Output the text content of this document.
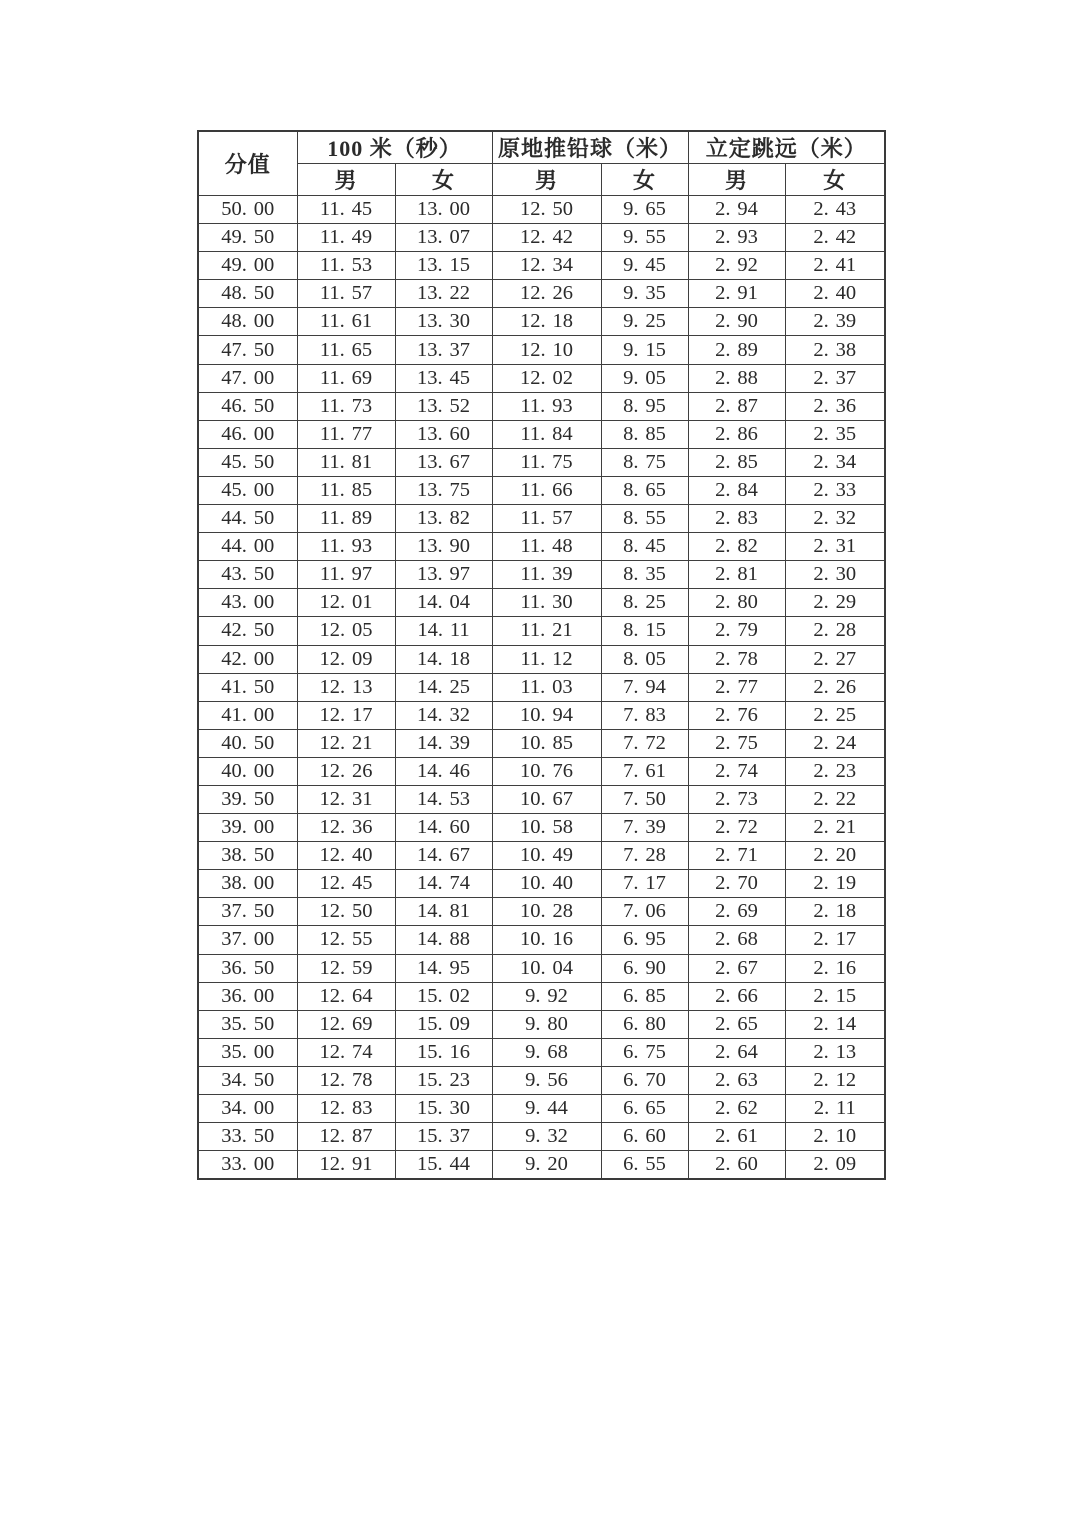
分值	100 米（秒）		原地推铅球（米）		立定跳远（米）	
	男	女	男	女	男	女
50. 00	11. 45	13. 00	12. 50	9. 65	2. 94	2. 43
49. 50	11. 49	13. 07	12. 42	9. 55	2. 93	2. 42
49. 00	11. 53	13. 15	12. 34	9. 45	2. 92	2. 41
48. 50	11. 57	13. 22	12. 26	9. 35	2. 91	2. 40
48. 00	11. 61	13. 30	12. 18	9. 25	2. 90	2. 39
47. 50	11. 65	13. 37	12. 10	9. 15	2. 89	2. 38
47. 00	11. 69	13. 45	12. 02	9. 05	2. 88	2. 37
46. 50	11. 73	13. 52	11. 93	8. 95	2. 87	2. 36
46. 00	11. 77	13. 60	11. 84	8. 85	2. 86	2. 35
45. 50	11. 81	13. 67	11. 75	8. 75	2. 85	2. 34
45. 00	11. 85	13. 75	11. 66	8. 65	2. 84	2. 33
44. 50	11. 89	13. 82	11. 57	8. 55	2. 83	2. 32
44. 00	11. 93	13. 90	11. 48	8. 45	2. 82	2. 31
43. 50	11. 97	13. 97	11. 39	8. 35	2. 81	2. 30
43. 00	12. 01	14. 04	11. 30	8. 25	2. 80	2. 29
42. 50	12. 05	14. 11	11. 21	8. 15	2. 79	2. 28
42. 00	12. 09	14. 18	11. 12	8. 05	2. 78	2. 27
41. 50	12. 13	14. 25	11. 03	7. 94	2. 77	2. 26
41. 00	12. 17	14. 32	10. 94	7. 83	2. 76	2. 25
40. 50	12. 21	14. 39	10. 85	7. 72	2. 75	2. 24
40. 00	12. 26	14. 46	10. 76	7. 61	2. 74	2. 23
39. 50	12. 31	14. 53	10. 67	7. 50	2. 73	2. 22
39. 00	12. 36	14. 60	10. 58	7. 39	2. 72	2. 21
38. 50	12. 40	14. 67	10. 49	7. 28	2. 71	2. 20
38. 00	12. 45	14. 74	10. 40	7. 17	2. 70	2. 19
37. 50	12. 50	14. 81	10. 28	7. 06	2. 69	2. 18
37. 00	12. 55	14. 88	10. 16	6. 95	2. 68	2. 17
36. 50	12. 59	14. 95	10. 04	6. 90	2. 67	2. 16
36. 00	12. 64	15. 02	9. 92	6. 85	2. 66	2. 15
35. 50	12. 69	15. 09	9. 80	6. 80	2. 65	2. 14
35. 00	12. 74	15. 16	9. 68	6. 75	2. 64	2. 13
34. 50	12. 78	15. 23	9. 56	6. 70	2. 63	2. 12
34. 00	12. 83	15. 30	9. 44	6. 65	2. 62	2. 11
33. 50	12. 87	15. 37	9. 32	6. 60	2. 61	2. 10
33. 00	12. 91	15. 44	9. 20	6. 55	2. 60	2. 09
